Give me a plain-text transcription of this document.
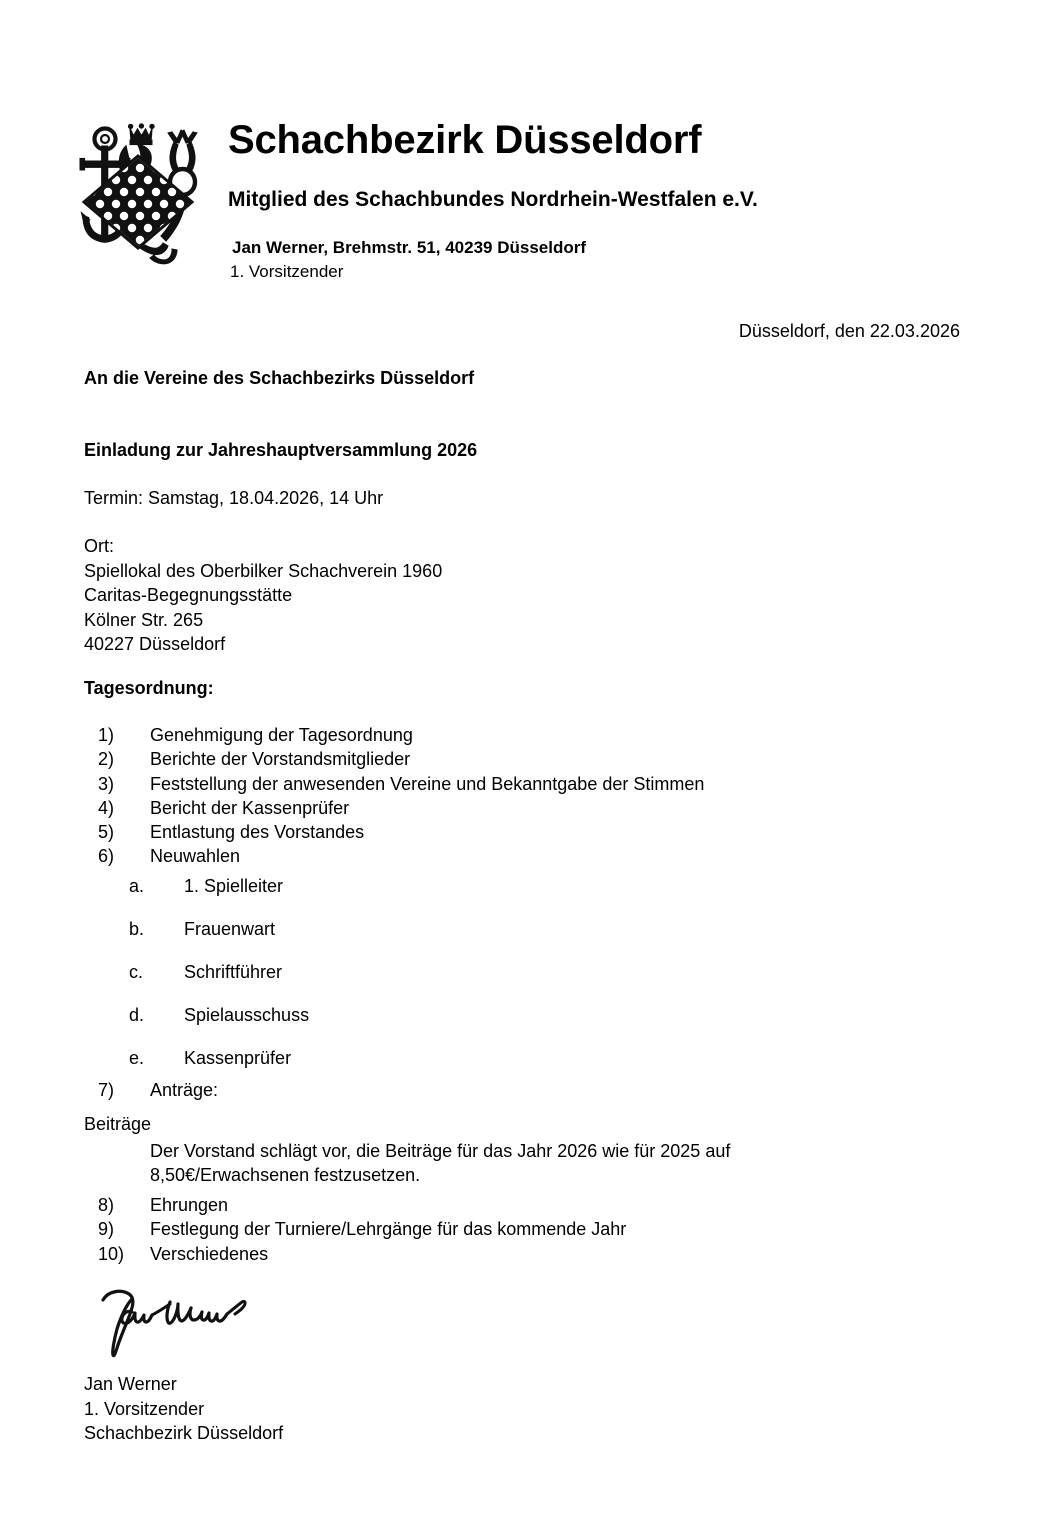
Schachbezirk Düsseldorf
Mitglied des Schachbundes Nordrhein-Westfalen e.V.
Jan Werner, Brehmstr. 51, 40239 Düsseldorf
1. Vorsitzender
Düsseldorf, den 22.03.2026
An die Vereine des Schachbezirks Düsseldorf
Einladung zur Jahreshauptversammlung 2026
Termin: Samstag, 18.04.2026, 14 Uhr
Ort:
Spiellokal des Oberbilker Schachverein 1960
Caritas-Begegnungsstätte
Kölner Str. 265
40227 Düsseldorf
Tagesordnung:
1)	Genehmigung der Tagesordnung
2)	Berichte der Vorstandsmitglieder
3)	Feststellung der anwesenden Vereine und Bekanntgabe der Stimmen
4)	Bericht der Kassenprüfer
5)	Entlastung des Vorstandes
6)	Neuwahlen
a.	1. Spielleiter
b.	Frauenwart
c.	Schriftführer
d.	Spielausschuss
e.	Kassenprüfer
7)	Anträge:
Beiträge
Der Vorstand schlägt vor, die Beiträge für das Jahr 2026 wie für 2025 auf
8,50€/Erwachsenen festzusetzen.
8)	Ehrungen
9)	Festlegung der Turniere/Lehrgänge für das kommende Jahr
10)	Verschiedenes
Jan Werner
1. Vorsitzender
Schachbezirk Düsseldorf
